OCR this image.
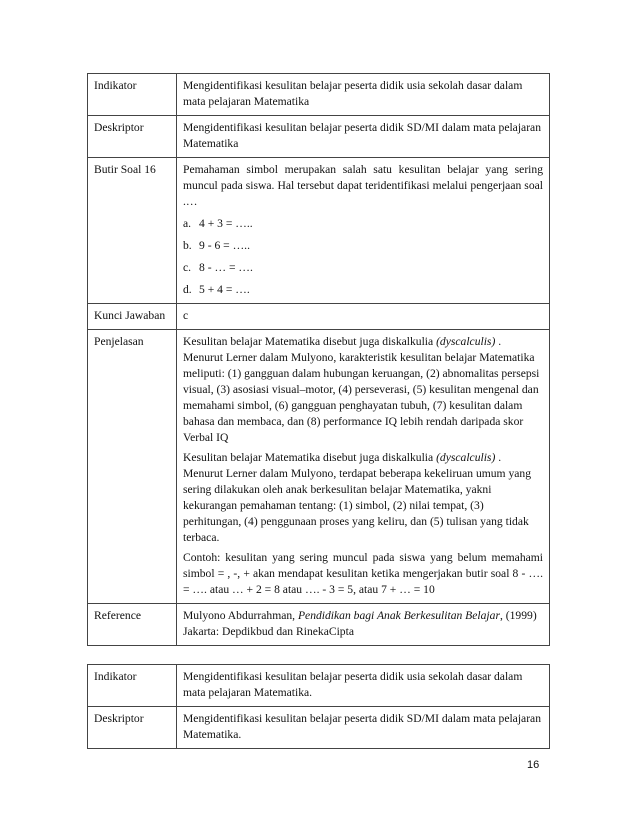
Indikator	Mengidentifikasi kesulitan belajar peserta didik usia sekolah dasar dalam mata pelajaran Matematika

Deskriptor	Mengidentifikasi kesulitan belajar peserta didik SD/MI dalam mata pelajaran Matematika

Butir Soal 16	Pemahaman simbol merupakan salah satu kesulitan belajar yang sering muncul pada siswa. Hal tersebut dapat teridentifikasi melalui pengerjaan soal .…

a. 4 + 3 = …..

b. 9 - 6 = …..

c. 8 - … = ….

d. 5 + 4 = ….

Kunci Jawaban	c

Penjelasan	Kesulitan belajar Matematika disebut juga diskalkulia (dyscalculis) . Menurut Lerner dalam Mulyono, karakteristik kesulitan belajar Matematika meliputi: (1) gangguan dalam hubungan keruangan, (2) abnomalitas persepsi visual, (3) asosiasi visual–motor, (4) perseverasi, (5) kesulitan mengenal dan memahami simbol, (6) gangguan penghayatan tubuh, (7) kesulitan dalam bahasa dan membaca, dan (8) performance IQ lebih rendah daripada skor Verbal IQ

Kesulitan belajar Matematika disebut juga diskalkulia (dyscalculis) . Menurut Lerner dalam Mulyono, terdapat beberapa kekeliruan umum yang sering dilakukan oleh anak berkesulitan belajar Matematika, yakni kekurangan pemahaman tentang: (1) simbol, (2) nilai tempat, (3) perhitungan, (4) penggunaan proses yang keliru, dan (5) tulisan yang tidak terbaca.

Contoh: kesulitan yang sering muncul pada siswa yang belum memahami simbol = , -, + akan mendapat kesulitan ketika mengerjakan butir soal 8 - …. = …. atau … + 2 = 8 atau …. - 3 = 5, atau 7 + … = 10

Reference	Mulyono Abdurrahman, Pendidikan bagi Anak Berkesulitan Belajar, (1999) Jakarta: Depdikbud dan RinekaCipta

Indikator	Mengidentifikasi kesulitan belajar peserta didik usia sekolah dasar dalam mata pelajaran Matematika.

Deskriptor	Mengidentifikasi kesulitan belajar peserta didik SD/MI dalam mata pelajaran Matematika.

16
